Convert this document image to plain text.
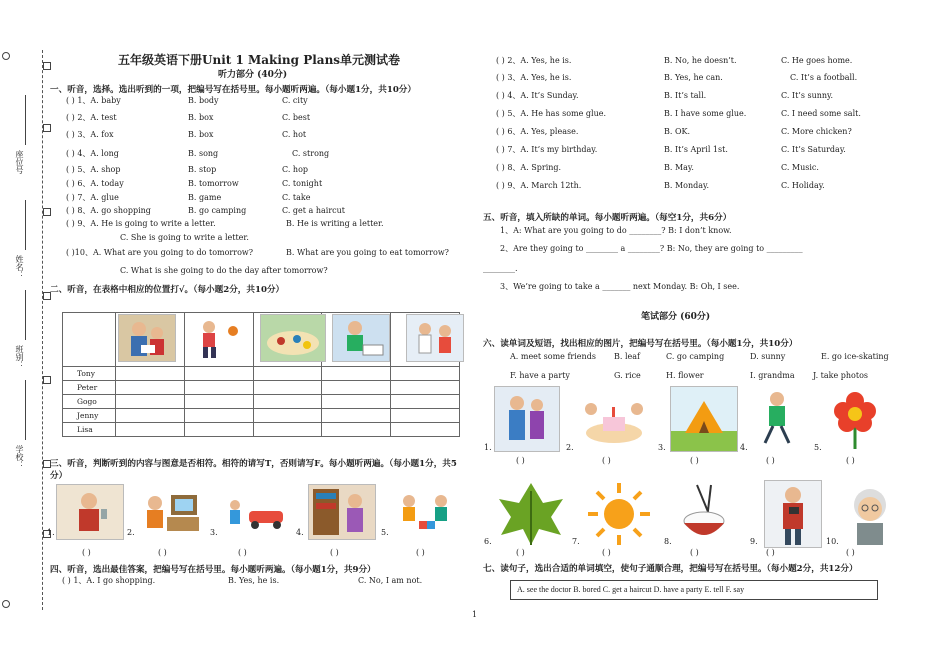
座位号
姓名：
班别：
学校：
五年级英语下册Unit 1 Making Plans单元测试卷
听力部分 (40分)
一、听音，选择。选出听到的一项，把编号写在括号里。每小题听两遍。（每小题1分，共10分）
( ) 1、A. baby	B. body	C. city
( ) 2、A. test	B. box	C. best
( ) 3、A. fox	B. box	C. hot
( ) 4、A. long	B. song	C. strong
( ) 5、A. shop	B. stop	C. hop
( ) 6、A. today	B. tomorrow	C. tonight
( ) 7、A. glue	B. game	C. take
( ) 8、A. go shopping	B. go camping	C. get a haircut
( ) 9、A. He is going to write a letter.	B. He is writing a letter.
C. She is going to write a letter.
( )10、A. What are you going to do tomorrow?	B. What are you going to eat tomorrow?
C. What is she going to do the day after tomorrow?
二、听音，在表格中相应的位置打√。（每小题2分，共10分）

Tony					
Peter					
Gogo					
Jenny					
Lisa					
三、听音，判断听到的内容与图意是否相符。相符的请写T，否则请写F。每小题听两遍。（每小题1分，共5
分）
1.	2.	3.	4.	5.
( )	( )	( )	( )	( )
四、听音，选出最佳答案，把编号写在括号里。每小题听两遍。（每小题1分，共9分）
( ) 1、A. I go shopping.	B. Yes, he is.	C. No, I am not.
( ) 2、A. Yes, he is.	B. No, he doesn’t.	C. He goes home.
( ) 3、A. Yes, he is.	B. Yes, he can.	C. It’s a football.
( ) 4、A. It’s Sunday.	B. It’s tall.	C. It’s sunny.
( ) 5、A. He has some glue.	B. I have some glue.	C. I need some salt.
( ) 6、A. Yes, please.	B. OK.	C. More chicken?
( ) 7、A. It’s my birthday.	B. It’s April 1st.	C. It’s Saturday.
( ) 8、A. Spring.	B. May.	C. Music.
( ) 9、A. March 12th.	B. Monday.	C. Holiday.
五、听音，填入所缺的单词。每小题听两遍。（每空1分，共6分）
1、A: What are you going to do ________? B: I don’t know.
2、Are they going to ________ a ________? B: No, they are going to _________
________.
3、We’re going to take a _______ next Monday. B: Oh, I see.
笔试部分 (60分)
六、读单词及短语，找出相应的图片，把编号写在括号里。（每小题1分，共10分）
A. meet some friends B. leaf	C. go camping	D. sunny	E. go ice-skating
F. have a party	G. rice	H. flower	I. grandma J. take photos
1.
( )
6.
( )
2.
( )
7.
( )
3.
( )
8.
( )
4.
( )
9.
( )
5.
( )
10.
( )
七、读句子，选出合适的单词填空，使句子通顺合理，把编号写在括号里。（每小题2分，共12分）
A. see the doctor B. bored C. get a haircut D. have a party E. tell F. say
1
